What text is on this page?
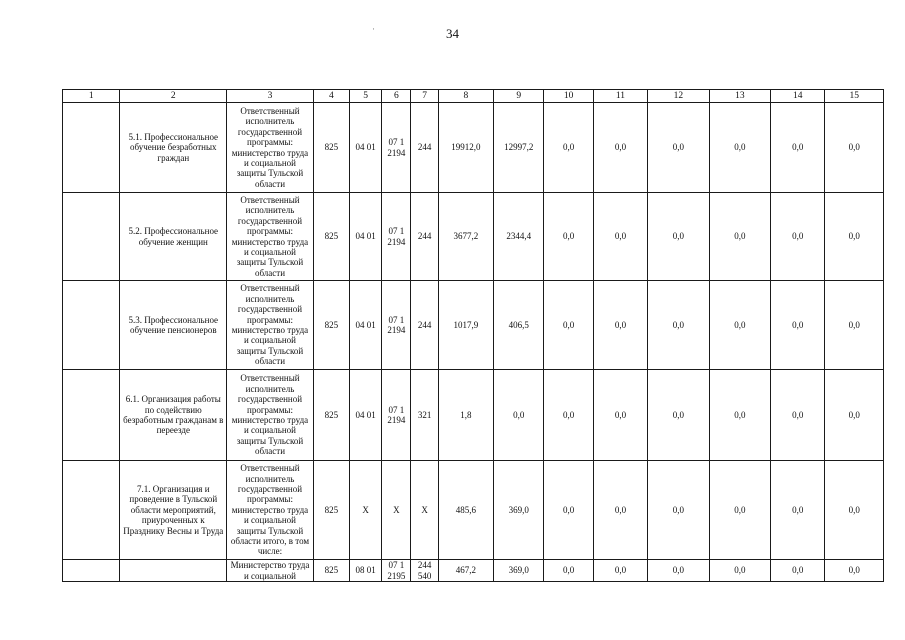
34
·
1	2	3	4	5	6	7	8	9	10	11	12	13	14	15
	5.1. Профессиональное обучение безработных граждан	Ответственный исполнитель государственной программы: министерство труда и социальной защиты Тульской области	825	04 01	07 1 2194	244	19912,0	12997,2	0,0	0,0	0,0	0,0	0,0	0,0
	5.2. Профессиональное обучение женщин	Ответственный исполнитель государственной программы: министерство труда и социальной защиты Тульской области	825	04 01	07 1 2194	244	3677,2	2344,4	0,0	0,0	0,0	0,0	0,0	0,0
	5.3. Профессиональное обучение пенсионеров	Ответственный исполнитель государственной программы: министерство труда и социальной защиты Тульской области	825	04 01	07 1 2194	244	1017,9	406,5	0,0	0,0	0,0	0,0	0,0	0,0
	6.1. Организация работы по содействию безработным гражданам в переезде	Ответственный исполнитель государственной программы: министерство труда и социальной защиты Тульской области	825	04 01	07 1 2194	321	1,8	0,0	0,0	0,0	0,0	0,0	0,0	0,0
	7.1. Организация и проведение в Тульской области мероприятий, приуроченных к Празднику Весны и Труда	Ответственный исполнитель государственной программы: министерство труда и социальной защиты Тульской области итого, в том числе:	825	X	X	X	485,6	369,0	0,0	0,0	0,0	0,0	0,0	0,0
		Министерство труда и социальной	825	08 01	07 1 2195	244 540	467,2	369,0	0,0	0,0	0,0	0,0	0,0	0,0
